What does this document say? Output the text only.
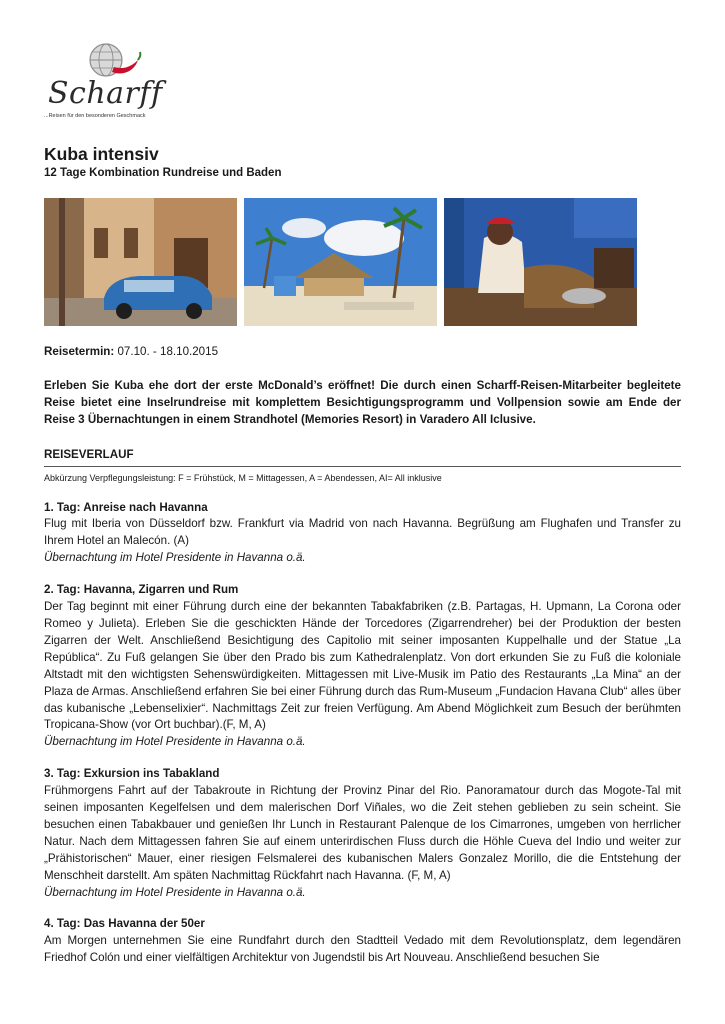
Scharff
...Reisen für den besonderen Geschmack
Kuba intensiv
12 Tage Kombination Rundreise und Baden

Reisetermin: 07.10. - 18.10.2015

Erleben Sie Kuba ehe dort der erste McDonald’s eröffnet! Die durch einen Scharff-Reisen-Mitarbeiter begleitete Reise bietet eine Inselrundreise mit komplettem Besichtigungsprogramm und Vollpension sowie am Ende der Reise 3 Übernachtungen in einem Strandhotel (Memories Resort) in Varadero All Iclusive.

REISEVERLAUF

Abkürzung Verpflegungsleistung: F = Frühstück, M = Mittagessen, A = Abendessen, AI= All inklusive

1. Tag: Anreise nach Havanna
Flug mit Iberia von Düsseldorf bzw. Frankfurt via Madrid von nach Havanna. Begrüßung am Flughafen und Transfer zu Ihrem Hotel an Malecón. (A)
Übernachtung im Hotel Presidente in Havanna o.ä.
2. Tag: Havanna, Zigarren und Rum
Der Tag beginnt mit einer Führung durch eine der bekannten Tabakfabriken (z.B. Partagas, H. Upmann, La Corona oder Romeo y Julieta). Erleben Sie die geschickten Hände der Torcedores (Zigarrendreher) bei der Produktion der besten Zigarren der Welt. Anschließend Besichtigung des Capitolio mit seiner imposanten Kuppelhalle und der Statue „La República“. Zu Fuß gelangen Sie über den Prado bis zum Kathedralenplatz. Von dort erkunden Sie zu Fuß die koloniale Altstadt mit den wichtigsten Sehenswürdigkeiten. Mittagessen mit Live-Musik im Patio des Restaurants „La Mina“ an der Plaza de Armas. Anschließend erfahren Sie bei einer Führung durch das Rum-Museum „Fundacion Havana Club“ alles über das kubanische „Lebenselixier“. Nachmittags Zeit zur freien Verfügung. Am Abend Möglichkeit zum Besuch der berühmten Tropicana-Show (vor Ort buchbar).(F, M, A)
Übernachtung im Hotel Presidente in Havanna o.ä.
3. Tag: Exkursion ins Tabakland
Frühmorgens Fahrt auf der Tabakroute in Richtung der Provinz Pinar del Rio. Panoramatour durch das Mogote-Tal mit seinen imposanten Kegelfelsen und dem malerischen Dorf Viñales, wo die Zeit stehen geblieben zu sein scheint. Sie besuchen einen Tabakbauer und genießen Ihr Lunch in Restaurant Palenque de los Cimarrones, umgeben von herrlicher Natur. Nach dem Mittagessen fahren Sie auf einem unterirdischen Fluss durch die Höhle Cueva del Indio und weiter zur „Prähistorischen“ Mauer, einer riesigen Felsmalerei des kubanischen Malers Gonzalez Morillo, die die Entstehung der Menschheit darstellt. Am späten Nachmittag Rückfahrt nach Havanna. (F, M, A)
Übernachtung im Hotel Presidente in Havanna o.ä.
4. Tag: Das Havanna der 50er
Am Morgen unternehmen Sie eine Rundfahrt durch den Stadtteil Vedado mit dem Revolutionsplatz, dem legendären Friedhof Colón und einer vielfältigen Architektur von Jugendstil bis Art Nouveau. Anschließend besuchen Sie
